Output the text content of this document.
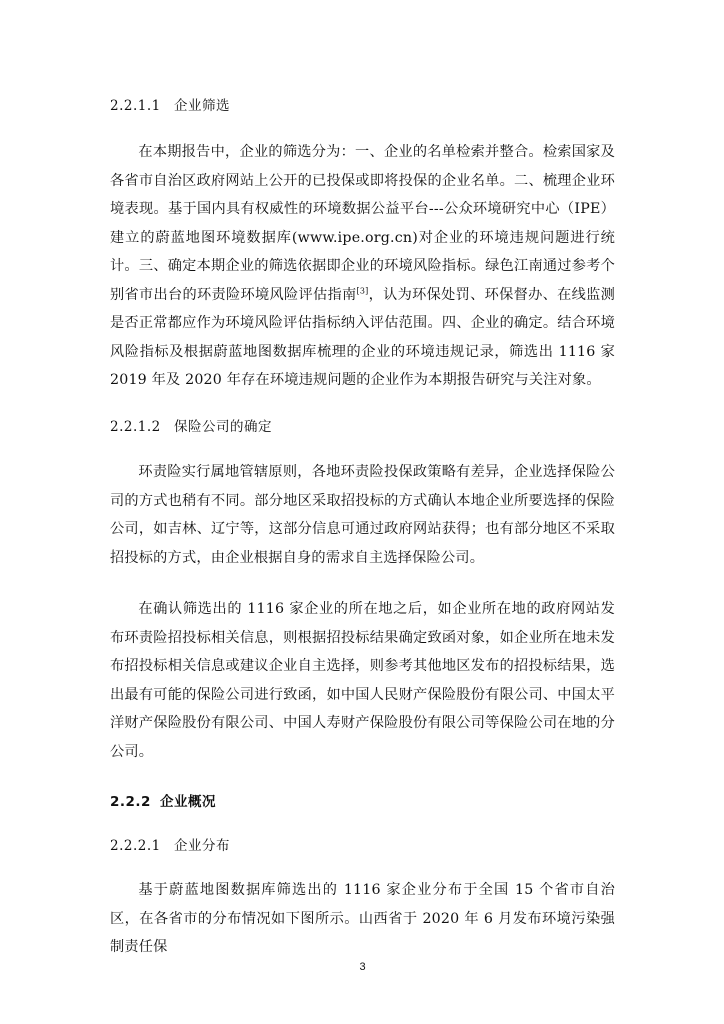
2.2.1.1 企业筛选

在本期报告中，企业的筛选分为：一、企业的名单检索并整合。检索国家及各省市自治区政府网站上公开的已投保或即将投保的企业名单。二、梳理企业环境表现。基于国内具有权威性的环境数据公益平台---公众环境研究中心（IPE）建立的蔚蓝地图环境数据库(www.ipe.org.cn)对企业的环境违规问题进行统计。三、确定本期企业的筛选依据即企业的环境风险指标。绿色江南通过参考个别省市出台的环责险环境风险评估指南[3]，认为环保处罚、环保督办、在线监测是否正常都应作为环境风险评估指标纳入评估范围。四、企业的确定。结合环境风险指标及根据蔚蓝地图数据库梳理的企业的环境违规记录，筛选出 1116 家 2019 年及 2020 年存在环境违规问题的企业作为本期报告研究与关注对象。

2.2.1.2 保险公司的确定

环责险实行属地管辖原则，各地环责险投保政策略有差异，企业选择保险公司的方式也稍有不同。部分地区采取招投标的方式确认本地企业所要选择的保险公司，如吉林、辽宁等，这部分信息可通过政府网站获得；也有部分地区不采取招投标的方式，由企业根据自身的需求自主选择保险公司。

在确认筛选出的 1116 家企业的所在地之后，如企业所在地的政府网站发布环责险招投标相关信息，则根据招投标结果确定致函对象，如企业所在地未发布招投标相关信息或建议企业自主选择，则参考其他地区发布的招投标结果，选出最有可能的保险公司进行致函，如中国人民财产保险股份有限公司、中国太平洋财产保险股份有限公司、中国人寿财产保险股份有限公司等保险公司在地的分公司。

2.2.2 企业概况
2.2.2.1 企业分布

基于蔚蓝地图数据库筛选出的 1116 家企业分布于全国 15 个省市自治区，在各省市的分布情况如下图所示。山西省于 2020 年 6 月发布环境污染强制责任保

3
